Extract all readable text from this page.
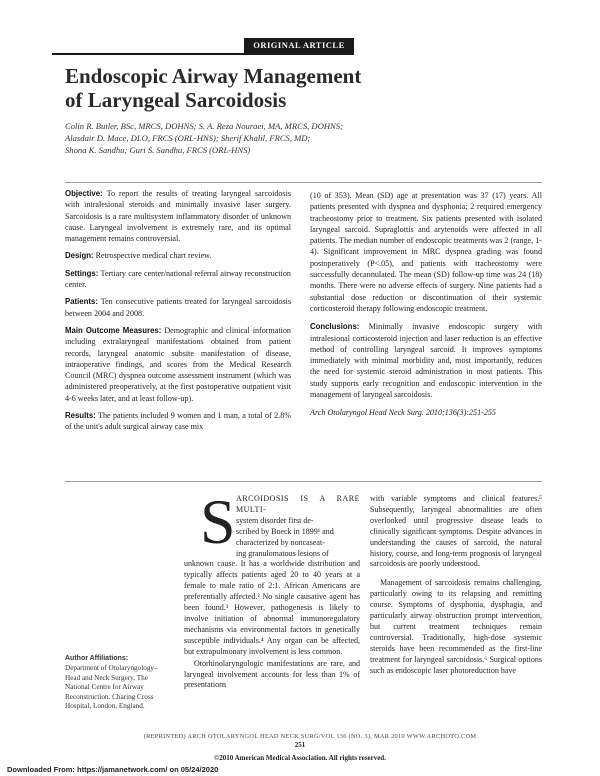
ORIGINAL ARTICLE
Endoscopic Airway Management
of Laryngeal Sarcoidosis
Colin R. Butler, BSc, MRCS, DOHNS; S. A. Reza Nouraei, MA, MRCS, DOHNS;
Alasdair D. Mace, DLO, FRCS (ORL-HNS); Sherif Khalil, FRCS, MD;
Shona K. Sandhu; Guri S. Sandhu, FRCS (ORL-HNS)

Objective: To report the results of treating laryngeal sarcoidosis with intralesional steroids and minimally invasive laser surgery. Sarcoidosis is a rare multisystem inflammatory disorder of unknown cause. Laryngeal involvement is extremely rare, and its optimal management remains controversial.

Design: Retrospective medical chart review.

Settings: Tertiary care center/national referral airway reconstruction center.

Patients: Ten consecutive patients treated for laryngeal sarcoidosis between 2004 and 2008.

Main Outcome Measures: Demographic and clinical information including extralaryngeal manifestations obtained from patient records, laryngeal anatomic subsite manifestation of disease, intraoperative findings, and scores from the Medical Research Council (MRC) dyspnea outcome assessment instrument (which was administered preoperatively, at the first postoperative outpatient visit 4-6 weeks later, and at least follow-up).

Results: The patients included 9 women and 1 man, a total of 2.8% of the unit's adult surgical airway case mix

(10 of 353). Mean (SD) age at presentation was 37 (17) years. All patients presented with dyspnea and dysphonia; 2 required emergency tracheostomy prior to treatment. Six patients presented with isolated laryngeal sarcoid. Supraglottis and arytenoids were affected in all patients. The median number of endoscopic treatments was 2 (range, 1-4). Significant improvement in MRC dyspnea grading was found postoperatively (P<.05), and patients with tracheostomy were successfully decannulated. The mean (SD) follow-up time was 24 (18) months. There were no adverse effects of surgery. Nine patients had a substantial dose reduction or discontinuation of their systemic corticosteroid therapy following endoscopic treatment.

Conclusions: Minimally invasive endoscopic surgery with intralesional corticosteroid injection and laser reduction is an effective method of controlling laryngeal sarcoid. It improves symptoms immediately with minimal morbidity and, most importantly, reduces the need for systemic steroid administration in most patients. This study supports early recognition and endoscopic intervention in the management of laryngeal sarcoidosis.

Arch Otolaryngol Head Neck Surg. 2010;136(3):251-255

Author Affiliations:
Department of Otolaryngology–
Head and Neck Surgery, The
National Centre for Airway
Reconstruction, Charing Cross
Hospital, London, England.
S ARCOIDOSIS IS A RARE MULTI-
system disorder first de-
scribed by Boeck in 1899¹ and
characterized by noncaseat-
ing granulomatous lesions of

unknown cause. It has a worldwide distribution and typically affects patients aged 20 to 40 years at a female to male ratio of 2:1. African Americans are preferentially affected.² No single causative agent has been found.³ However, pathogenesis is likely to involve initiation of abnormal immunoregulatory mechanisms via environmental factors in genetically susceptible individuals.⁴ Any organ can be affected, but extrapulmonary involvement is less common.

Otorhinolaryngologic manifestations are rare, and laryngeal involvement accounts for less than 1% of presentations

with variable symptoms and clinical features.⁵ Subsequently, laryngeal abnormalities are often overlooked until progressive disease leads to clinically significant symptoms. Despite advances in understanding the causes of sarcoid, the natural history, course, and long-term prognosis of laryngeal sarcoidosis are poorly understood.

Management of sarcoidosis remains challenging, particularly owing to its relapsing and remitting course. Symptoms of dysphonia, dysphagia, and particularly airway obstruction prompt intervention, but current treatment techniques remain controversial. Traditionally, high-dose systemic steroids have been recommended as the first-line treatment for laryngeal sarcoidosis.⁶ Surgical options such as endoscopic laser photoreduction have

(REPRINTED) ARCH OTOLARYNGOL HEAD NECK SURG/VOL 136 (NO. 3), MAR 2010 WWW.ARCHOTO.COM
251
©2010 American Medical Association. All rights reserved.
Downloaded From: https://jamanetwork.com/ on 05/24/2020
